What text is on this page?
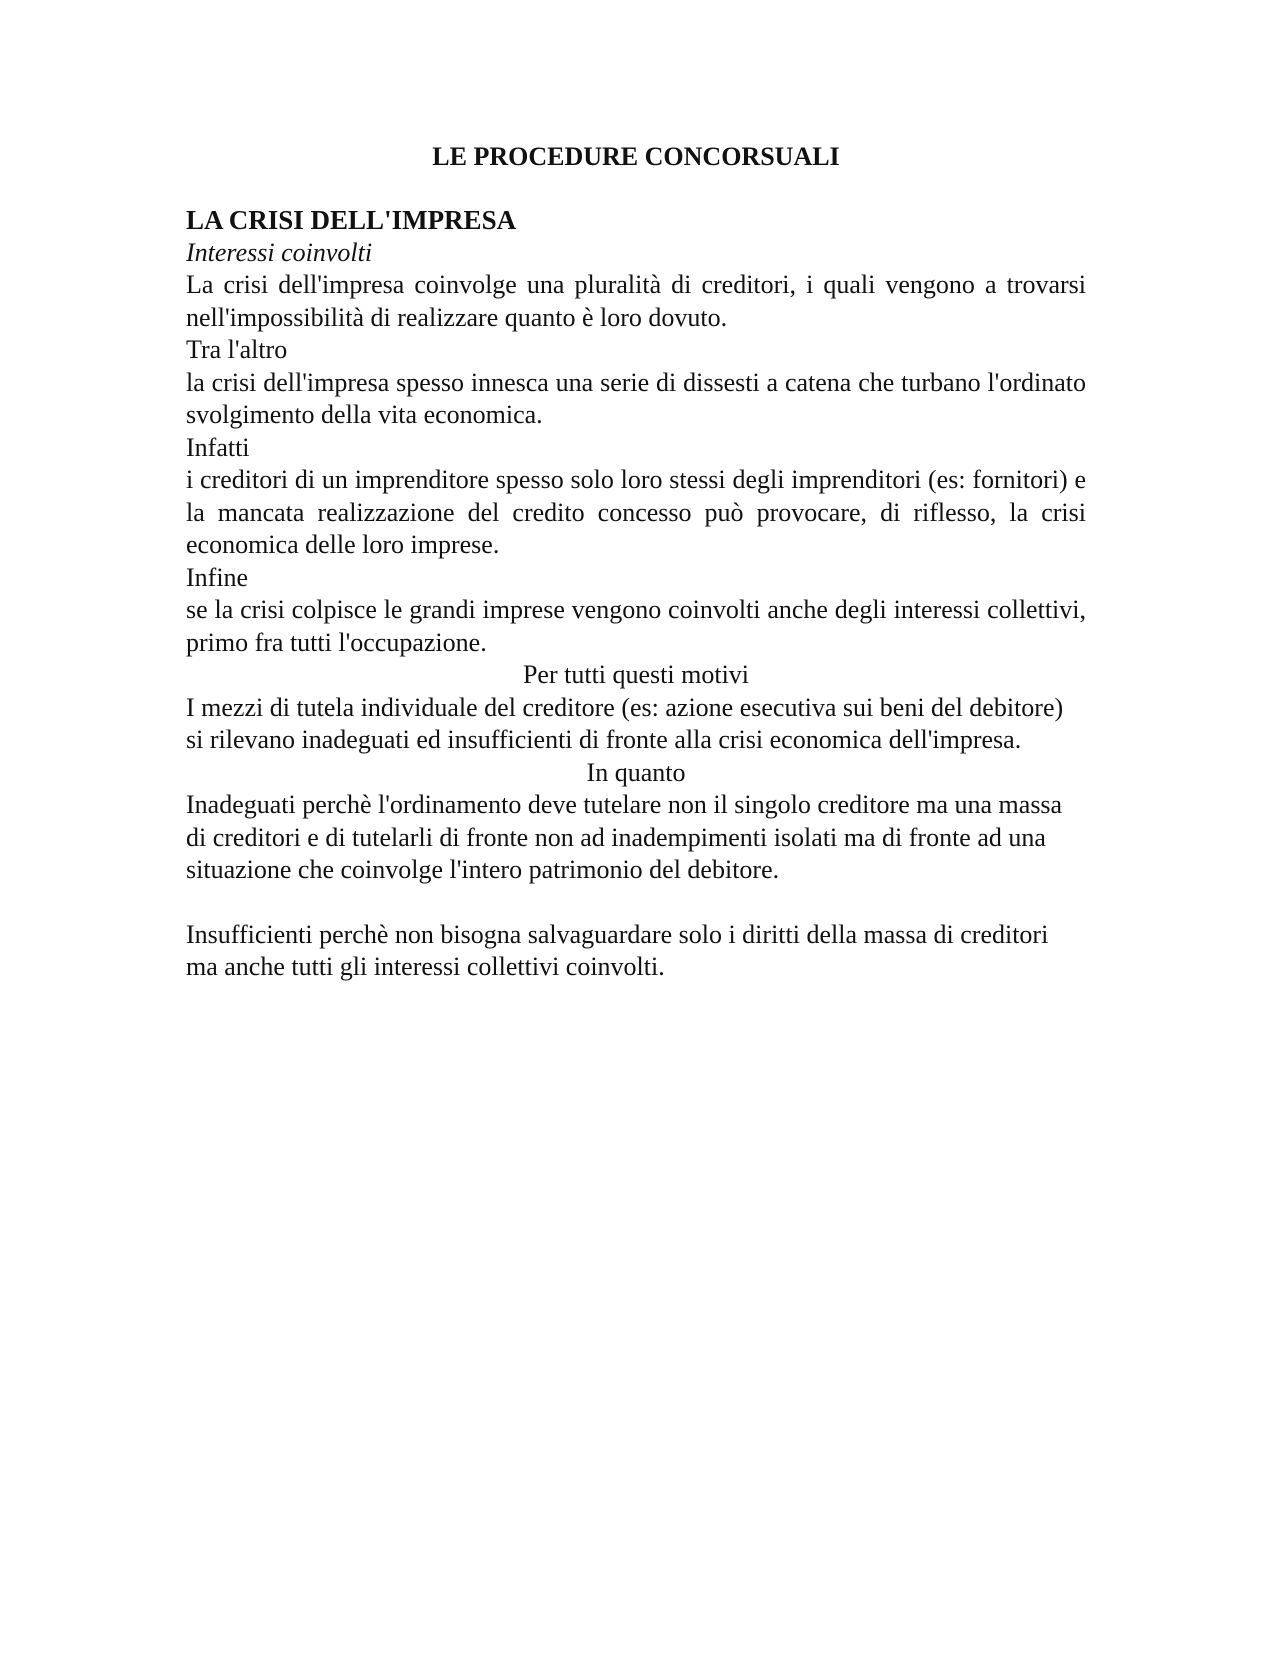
LE PROCEDURE CONCORSUALI
LA CRISI DELL'IMPRESA
Interessi coinvolti

La crisi dell'impresa coinvolge una pluralità di creditori, i quali vengono a trovarsi nell'impossibilità di realizzare quanto è loro dovuto.

Tra l'altro

la crisi dell'impresa spesso innesca una serie di dissesti a catena che turbano l'ordinato svolgimento della vita economica.

Infatti

i creditori di un imprenditore spesso solo loro stessi degli imprenditori (es: fornitori) e la mancata realizzazione del credito concesso può provocare, di riflesso, la crisi economica delle loro imprese.

Infine

se la crisi colpisce le grandi imprese vengono coinvolti anche degli interessi collettivi, primo fra tutti l'occupazione.

Per tutti questi motivi

I mezzi di tutela individuale del creditore (es: azione esecutiva sui beni del debitore) si rilevano inadeguati ed insufficienti di fronte alla crisi economica dell'impresa.

In quanto

Inadeguati perchè l'ordinamento deve tutelare non il singolo creditore ma una massa di creditori e di tutelarli di fronte non ad inadempimenti isolati ma di fronte ad una situazione che coinvolge l'intero patrimonio del debitore.

Insufficienti perchè non bisogna salvaguardare solo i diritti della massa di creditori ma anche tutti gli interessi collettivi coinvolti.
